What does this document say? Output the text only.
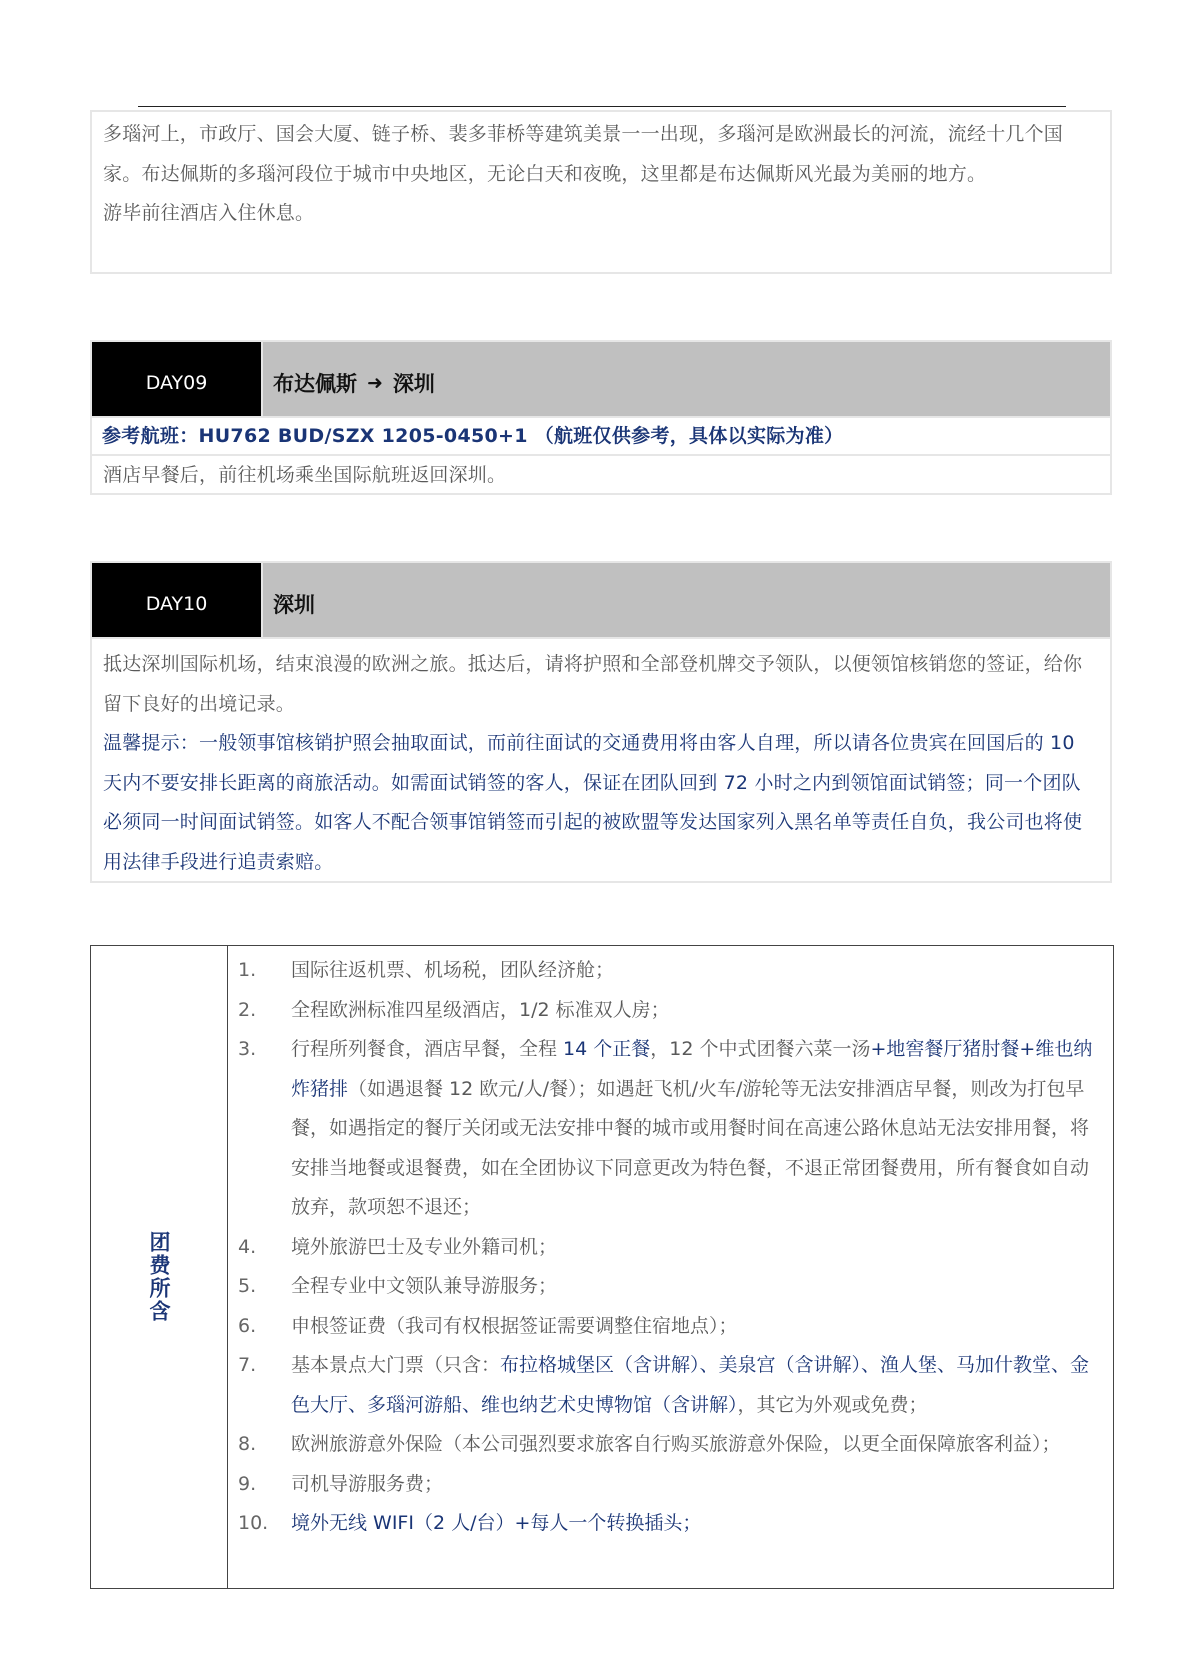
多瑙河上，市政厅、国会大厦、链子桥、裴多菲桥等建筑美景一一出现，多瑙河是欧洲最长的河流，流经十几个国家。布达佩斯的多瑙河段位于城市中央地区，无论白天和夜晚，这里都是布达佩斯风光最为美丽的地方。
游毕前往酒店入住休息。
DAY09	布达佩斯 ➜ 深圳
参考航班：HU762 BUD/SZX 1205-0450+1 （航班仅供参考，具体以实际为准）
酒店早餐后，前往机场乘坐国际航班返回深圳。
DAY10	深圳
抵达深圳国际机场，结束浪漫的欧洲之旅。抵达后，请将护照和全部登机牌交予领队，以便领馆核销您的签证，给你留下良好的出境记录。
温馨提示：一般领事馆核销护照会抽取面试，而前往面试的交通费用将由客人自理，所以请各位贵宾在回国后的 10 天内不要安排长距离的商旅活动。如需面试销签的客人，保证在团队回到 72 小时之内到领馆面试销签；同一个团队必须同一时间面试销签。如客人不配合领事馆销签而引起的被欧盟等发达国家列入黑名单等责任自负，我公司也将使用法律手段进行追责索赔。
团费所含
1.	国际往返机票、机场税，团队经济舱；
2.	全程欧洲标准四星级酒店，1/2 标准双人房；
3.	行程所列餐食，酒店早餐，全程 14 个正餐，12 个中式团餐六菜一汤+地窖餐厅猪肘餐+维也纳炸猪排（如遇退餐 12 欧元/人/餐）；如遇赶飞机/火车/游轮等无法安排酒店早餐，则改为打包早餐，如遇指定的餐厅关闭或无法安排中餐的城市或用餐时间在高速公路休息站无法安排用餐，将安排当地餐或退餐费，如在全团协议下同意更改为特色餐，不退正常团餐费用，所有餐食如自动放弃，款项恕不退还；
4.	境外旅游巴士及专业外籍司机；
5.	全程专业中文领队兼导游服务；
6.	申根签证费（我司有权根据签证需要调整住宿地点）；
7.	基本景点大门票（只含：布拉格城堡区（含讲解）、美泉宫（含讲解）、渔人堡、马加什教堂、金色大厅、多瑙河游船、维也纳艺术史博物馆（含讲解），其它为外观或免费；
8.	欧洲旅游意外保险（本公司强烈要求旅客自行购买旅游意外保险，以更全面保障旅客利益）；
9.	司机导游服务费；
10.	境外无线 WIFI（2 人/台）+每人一个转换插头；
